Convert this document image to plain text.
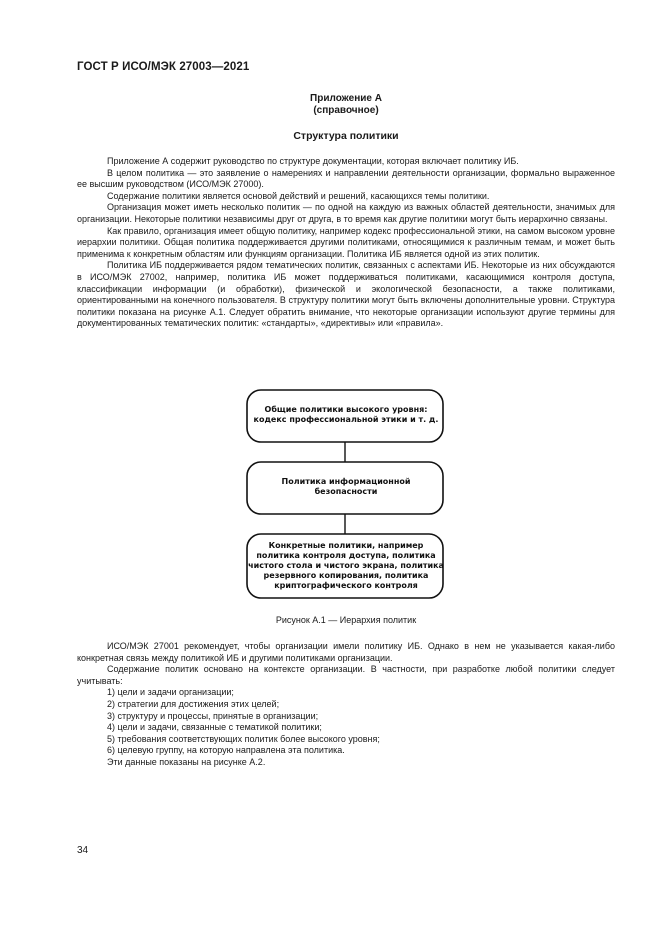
ГОСТ Р ИСО/МЭК 27003—2021
Приложение А
(справочное)
Структура политики

Приложение А содержит руководство по структуре документации, которая включает политику ИБ.

В целом политика — это заявление о намерениях и направлении деятельности организации, формально выраженное ее высшим руководством (ИСО/МЭК 27000).

Содержание политики является основой действий и решений, касающихся темы политики.

Организация может иметь несколько политик — по одной на каждую из важных областей деятельности, значимых для организации. Некоторые политики независимы друг от друга, в то время как другие политики могут быть иерархично связаны.

Как правило, организация имеет общую политику, например кодекс профессиональной этики, на самом высоком уровне иерархии политики. Общая политика поддерживается другими политиками, относящимися к различным темам, и может быть применима к конкретным областям или функциям организации. Политика ИБ является одной из этих политик.

Политика ИБ поддерживается рядом тематических политик, связанных с аспектами ИБ. Некоторые из них обсуждаются в ИСО/МЭК 27002, например, политика ИБ может поддерживаться политиками, касающимися контроля доступа, классификации информации (и обработки), физической и экологической безопасности, а также политиками, ориентированными на конечного пользователя. В структуру политики могут быть включены дополнительные уровни. Структура политики показана на рисунке А.1. Следует обратить внимание, что некоторые организации используют другие термины для документированных тематических политик: «стандарты», «директивы» или «правила».

Общие политики высокого уровня:
кодекс профессиональной этики и т. д.
Политика информационной
безопасности
Конкретные политики, например
политика контроля доступа, политика
чистого стола и чистого экрана, политика
резервного копирования, политика
криптографического контроля
Рисунок А.1 — Иерархия политик

ИСО/МЭК 27001 рекомендует, чтобы организации имели политику ИБ. Однако в нем не указывается какая-либо конкретная связь между политикой ИБ и другими политиками организации.

Содержание политик основано на контексте организации. В частности, при разработке любой политики следует учитывать:

1) цели и задачи организации;

2) стратегии для достижения этих целей;

3) структуру и процессы, принятые в организации;

4) цели и задачи, связанные с тематикой политики;

5) требования соответствующих политик более высокого уровня;

6) целевую группу, на которую направлена эта политика.

Эти данные показаны на рисунке А.2.

34
